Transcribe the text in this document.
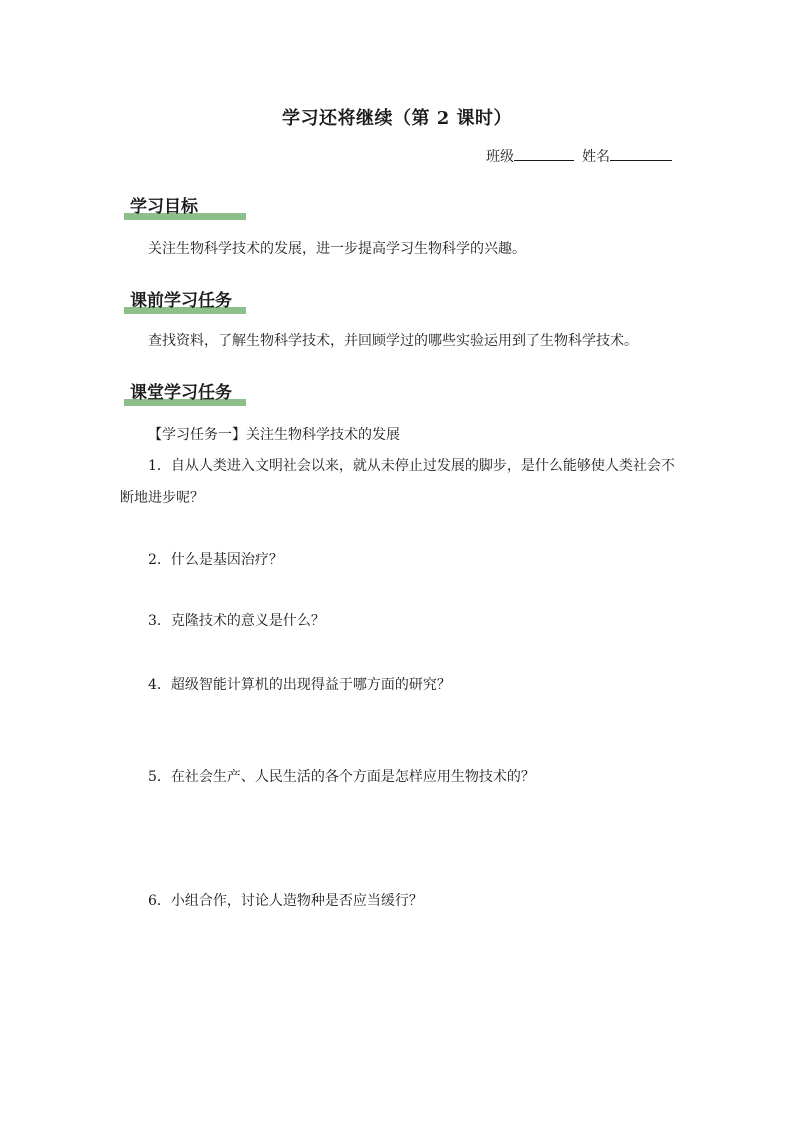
学习还将继续（第 2 课时）
班级	姓名
学习目标
关注生物科学技术的发展，进一步提高学习生物科学的兴趣。
课前学习任务
查找资料，了解生物科学技术，并回顾学过的哪些实验运用到了生物科学技术。
课堂学习任务
【学习任务一】关注生物科学技术的发展
1．自从人类进入文明社会以来，就从未停止过发展的脚步，是什么能够使人类社会不
断地进步呢？
2．什么是基因治疗？
3．克隆技术的意义是什么？
4．超级智能计算机的出现得益于哪方面的研究？
5．在社会生产、人民生活的各个方面是怎样应用生物技术的？
6．小组合作，讨论人造物种是否应当缓行？
